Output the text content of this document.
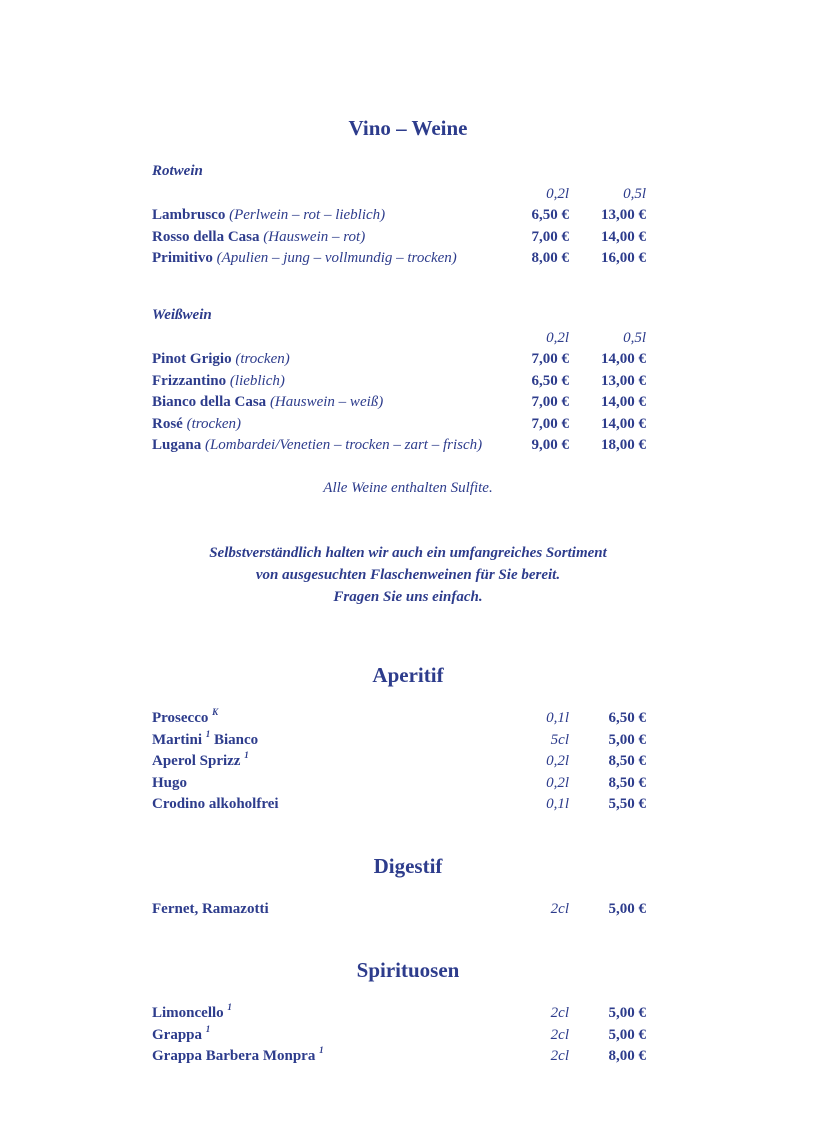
Vino – Weine
Rotwein
0,2l	0,5l
Lambrusco (Perlwein – rot – lieblich)	6,50 € 13,00 €
Rosso della Casa (Hauswein – rot)	7,00 € 14,00 €
Primitivo (Apulien – jung – vollmundig – trocken)	8,00 € 16,00 €
Weißwein
0,2l	0,5l
Pinot Grigio (trocken)	7,00 € 14,00 €
Frizzantino (lieblich)	6,50 € 13,00 €
Bianco della Casa (Hauswein – weiß)	7,00 € 14,00 €
Rosé (trocken)	7,00 € 14,00 €
Lugana (Lombardei/Venetien – trocken – zart – frisch)	9,00 € 18,00 €
Alle Weine enthalten Sulfite.
Selbstverständlich halten wir auch ein umfangreiches Sortiment
von ausgesuchten Flaschenweinen für Sie bereit.
Fragen Sie uns einfach.
Aperitif
Prosecco $^K$	0,1l	6,50 €
Martini $^1$ Bianco	5cl	5,00 €
Aperol Sprizz $^1$	0,2l	8,50 €
Hugo	0,2l	8,50 €
Crodino alkoholfrei	0,1l	5,50 €
Digestif
Fernet, Ramazotti	2cl	5,00 €
Spirituosen
Limoncello $^1$	2cl	5,00 €
Grappa $^1$	2cl	5,00 €
Grappa Barbera Monpra $^1$	2cl	8,00 €
